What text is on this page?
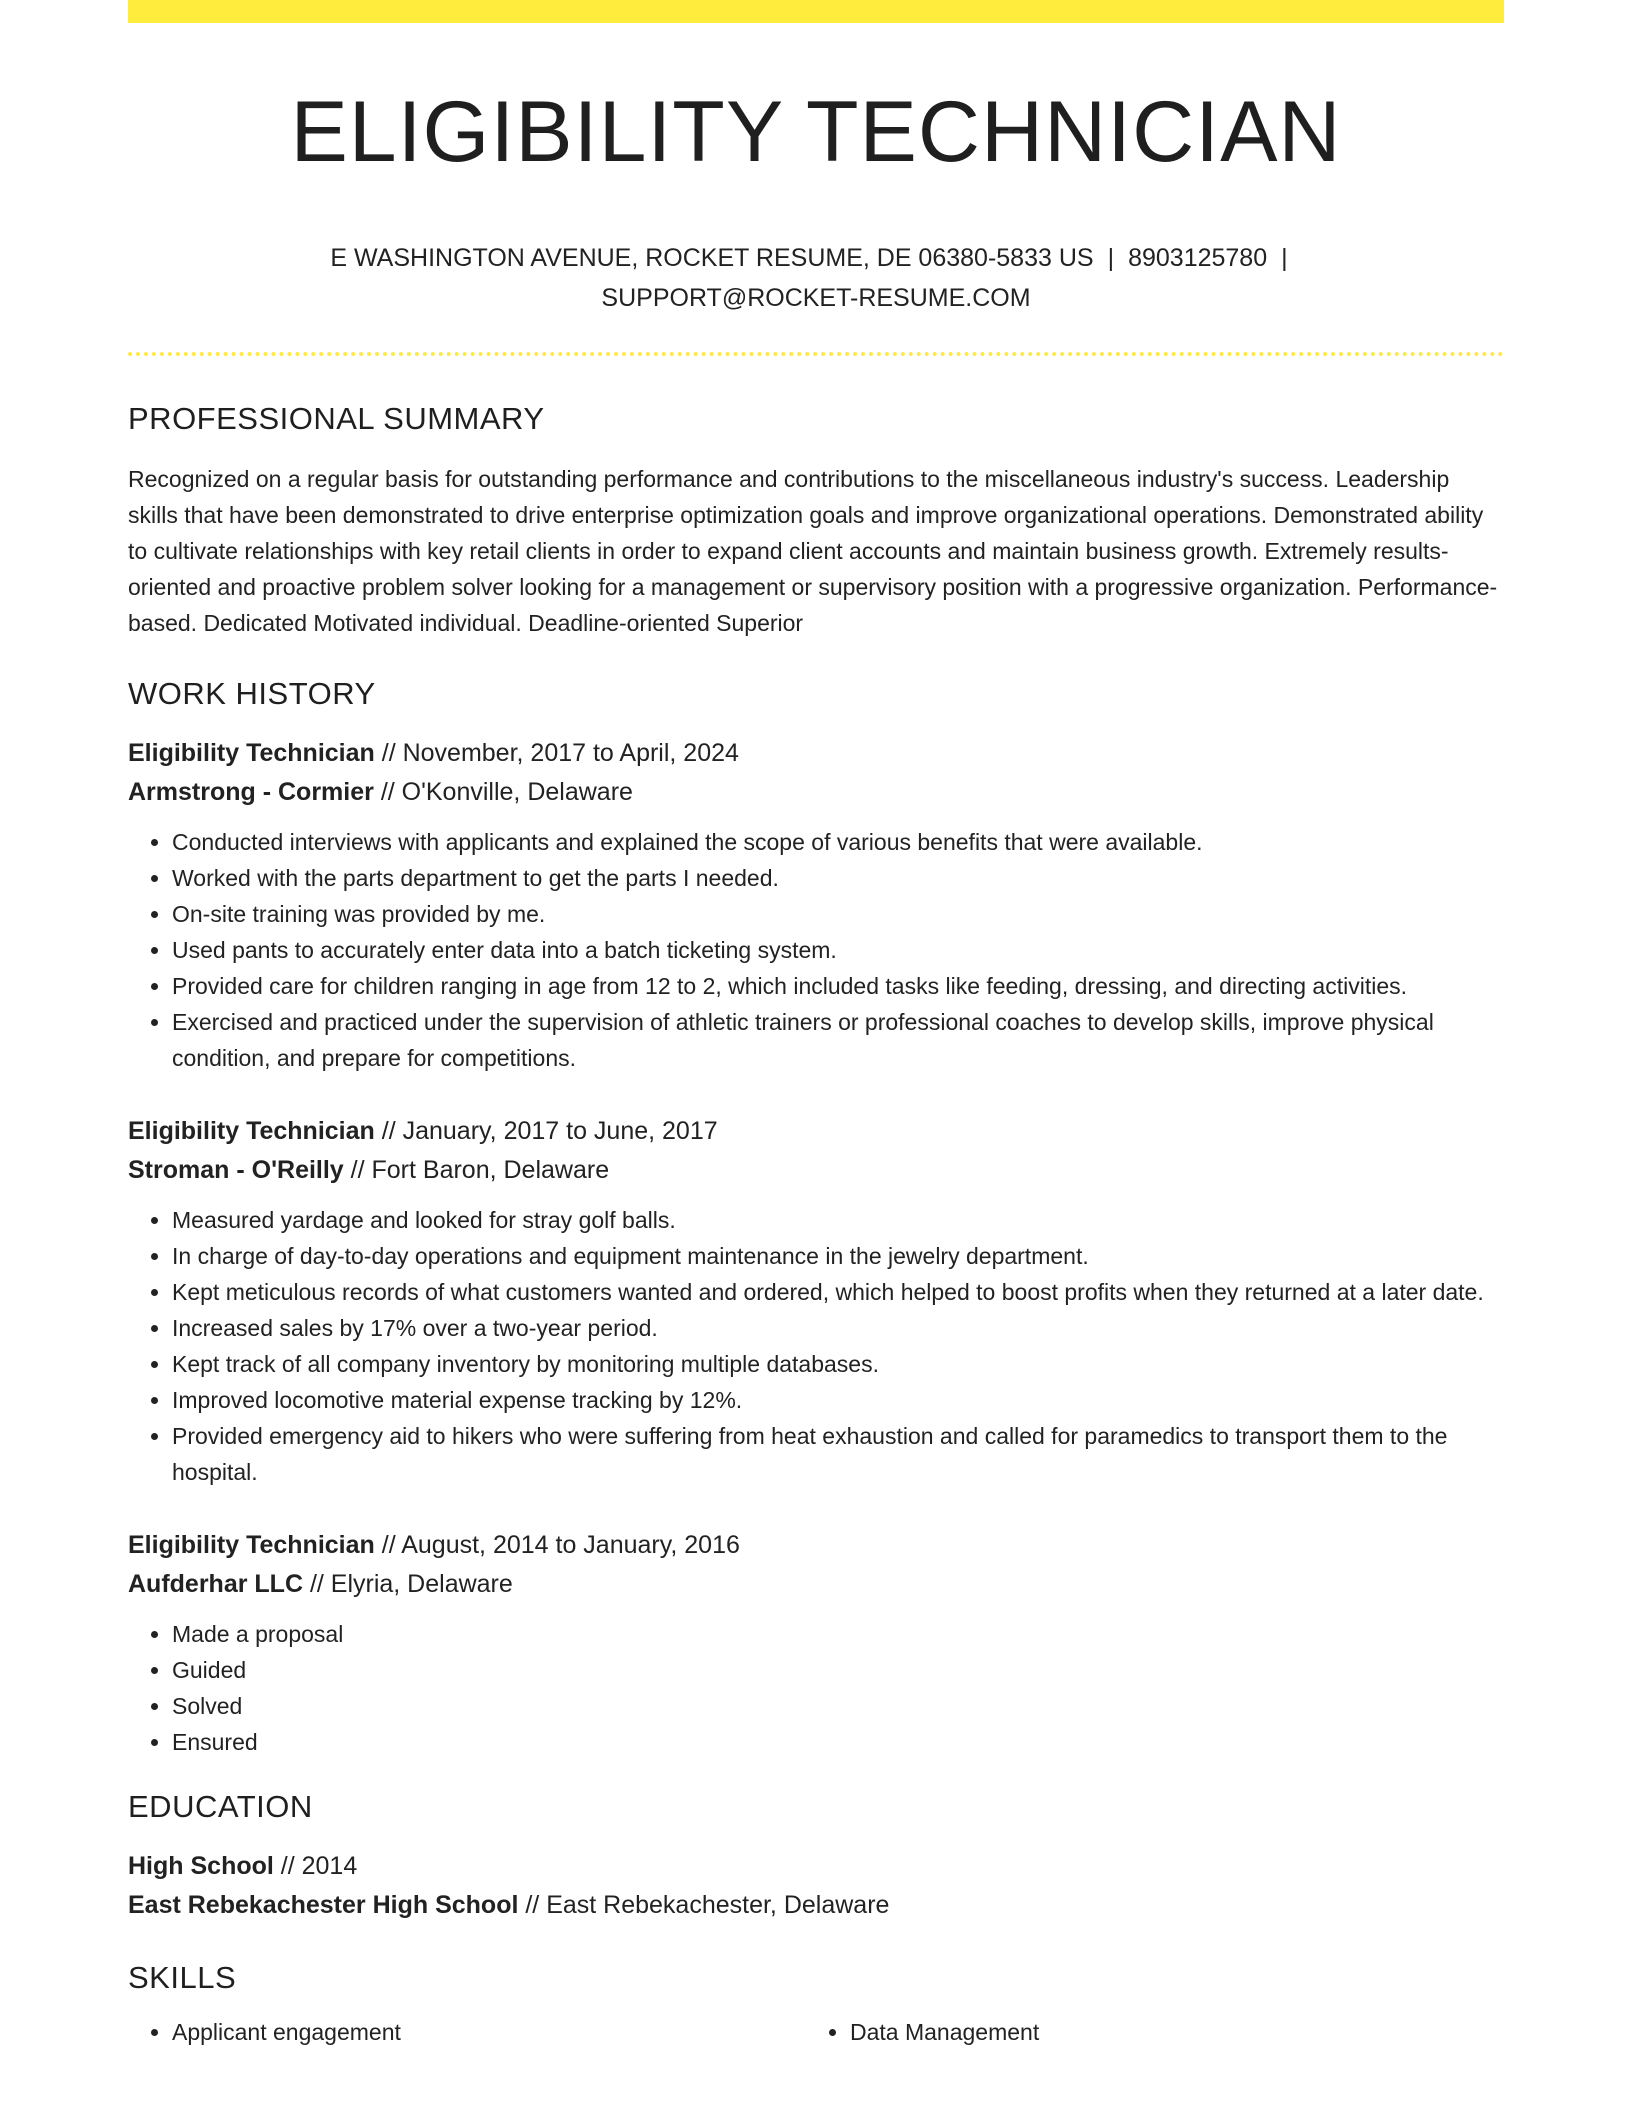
ELIGIBILITY TECHNICIAN
E WASHINGTON AVENUE, ROCKET RESUME, DE 06380-5833 US | 8903125780 |
SUPPORT@ROCKET-RESUME.COM
PROFESSIONAL SUMMARY
Recognized on a regular basis for outstanding performance and contributions to the miscellaneous industry's success. Leadership skills that have been demonstrated to drive enterprise optimization goals and improve organizational operations. Demonstrated ability to cultivate relationships with key retail clients in order to expand client accounts and maintain business growth. Extremely results-oriented and proactive problem solver looking for a management or supervisory position with a progressive organization. Performance-based. Dedicated Motivated individual. Deadline-oriented Superior
WORK HISTORY
Eligibility Technician // November, 2017 to April, 2024
Armstrong - Cormier // O'Konville, Delaware
• Conducted interviews with applicants and explained the scope of various benefits that were available.
• Worked with the parts department to get the parts I needed.
• On-site training was provided by me.
• Used pants to accurately enter data into a batch ticketing system.
• Provided care for children ranging in age from 12 to 2, which included tasks like feeding, dressing, and directing activities.
• Exercised and practiced under the supervision of athletic trainers or professional coaches to develop skills, improve physical condition, and prepare for competitions.
Eligibility Technician // January, 2017 to June, 2017
Stroman - O'Reilly // Fort Baron, Delaware
• Measured yardage and looked for stray golf balls.
• In charge of day-to-day operations and equipment maintenance in the jewelry department.
• Kept meticulous records of what customers wanted and ordered, which helped to boost profits when they returned at a later date.
• Increased sales by 17% over a two-year period.
• Kept track of all company inventory by monitoring multiple databases.
• Improved locomotive material expense tracking by 12%.
• Provided emergency aid to hikers who were suffering from heat exhaustion and called for paramedics to transport them to the hospital.
Eligibility Technician // August, 2014 to January, 2016
Aufderhar LLC // Elyria, Delaware
• Made a proposal
• Guided
• Solved
• Ensured
EDUCATION
High School // 2014
East Rebekachester High School // East Rebekachester, Delaware
SKILLS
• Applicant engagement
•	Data Management
